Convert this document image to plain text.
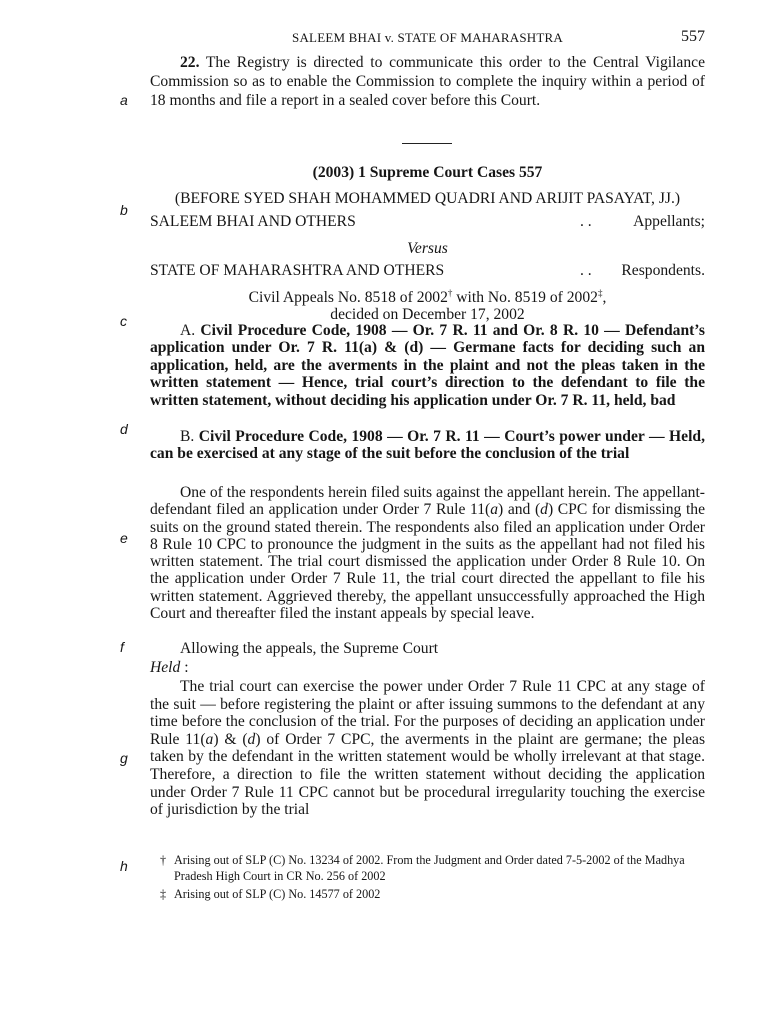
SALEEM BHAI v. STATE OF MAHARASHTRA	557
a
b
c
d
e
f
g
h
22. The Registry is directed to communicate this order to the Central Vigilance Commission so as to enable the Commission to complete the inquiry within a period of 18 months and file a report in a sealed cover before this Court.
(2003) 1 Supreme Court Cases 557
(BEFORE SYED SHAH MOHAMMED QUADRI AND ARIJIT PASAYAT, JJ.)
SALEEM BHAI AND OTHERS	. .	Appellants;
Versus
STATE OF MAHARASHTRA AND OTHERS	. . Respondents.
Civil Appeals No. 8518 of 2002† with No. 8519 of 2002‡,
decided on December 17, 2002
A. Civil Procedure Code, 1908 — Or. 7 R. 11 and Or. 8 R. 10 — Defendant’s application under Or. 7 R. 11(a) & (d) — Germane facts for deciding such an application, held, are the averments in the plaint and not the pleas taken in the written statement — Hence, trial court’s direction to the defendant to file the written statement, without deciding his application under Or. 7 R. 11, held, bad
B. Civil Procedure Code, 1908 — Or. 7 R. 11 — Court’s power under — Held, can be exercised at any stage of the suit before the conclusion of the trial
One of the respondents herein filed suits against the appellant herein. The appellant-defendant filed an application under Order 7 Rule 11(a) and (d) CPC for dismissing the suits on the ground stated therein. The respondents also filed an application under Order 8 Rule 10 CPC to pronounce the judgment in the suits as the appellant had not filed his written statement. The trial court dismissed the application under Order 8 Rule 10. On the application under Order 7 Rule 11, the trial court directed the appellant to file his written statement. Aggrieved thereby, the appellant unsuccessfully approached the High Court and thereafter filed the instant appeals by special leave.
Allowing the appeals, the Supreme Court
Held :
The trial court can exercise the power under Order 7 Rule 11 CPC at any stage of the suit — before registering the plaint or after issuing summons to the defendant at any time before the conclusion of the trial. For the purposes of deciding an application under Rule 11(a) & (d) of Order 7 CPC, the averments in the plaint are germane; the pleas taken by the defendant in the written statement would be wholly irrelevant at that stage. Therefore, a direction to file the written statement without deciding the application under Order 7 Rule 11 CPC cannot but be procedural irregularity touching the exercise of jurisdiction by the trial
† Arising out of SLP (C) No. 13234 of 2002. From the Judgment and Order dated 7-5-2002 of the Madhya Pradesh High Court in CR No. 256 of 2002
‡ Arising out of SLP (C) No. 14577 of 2002
